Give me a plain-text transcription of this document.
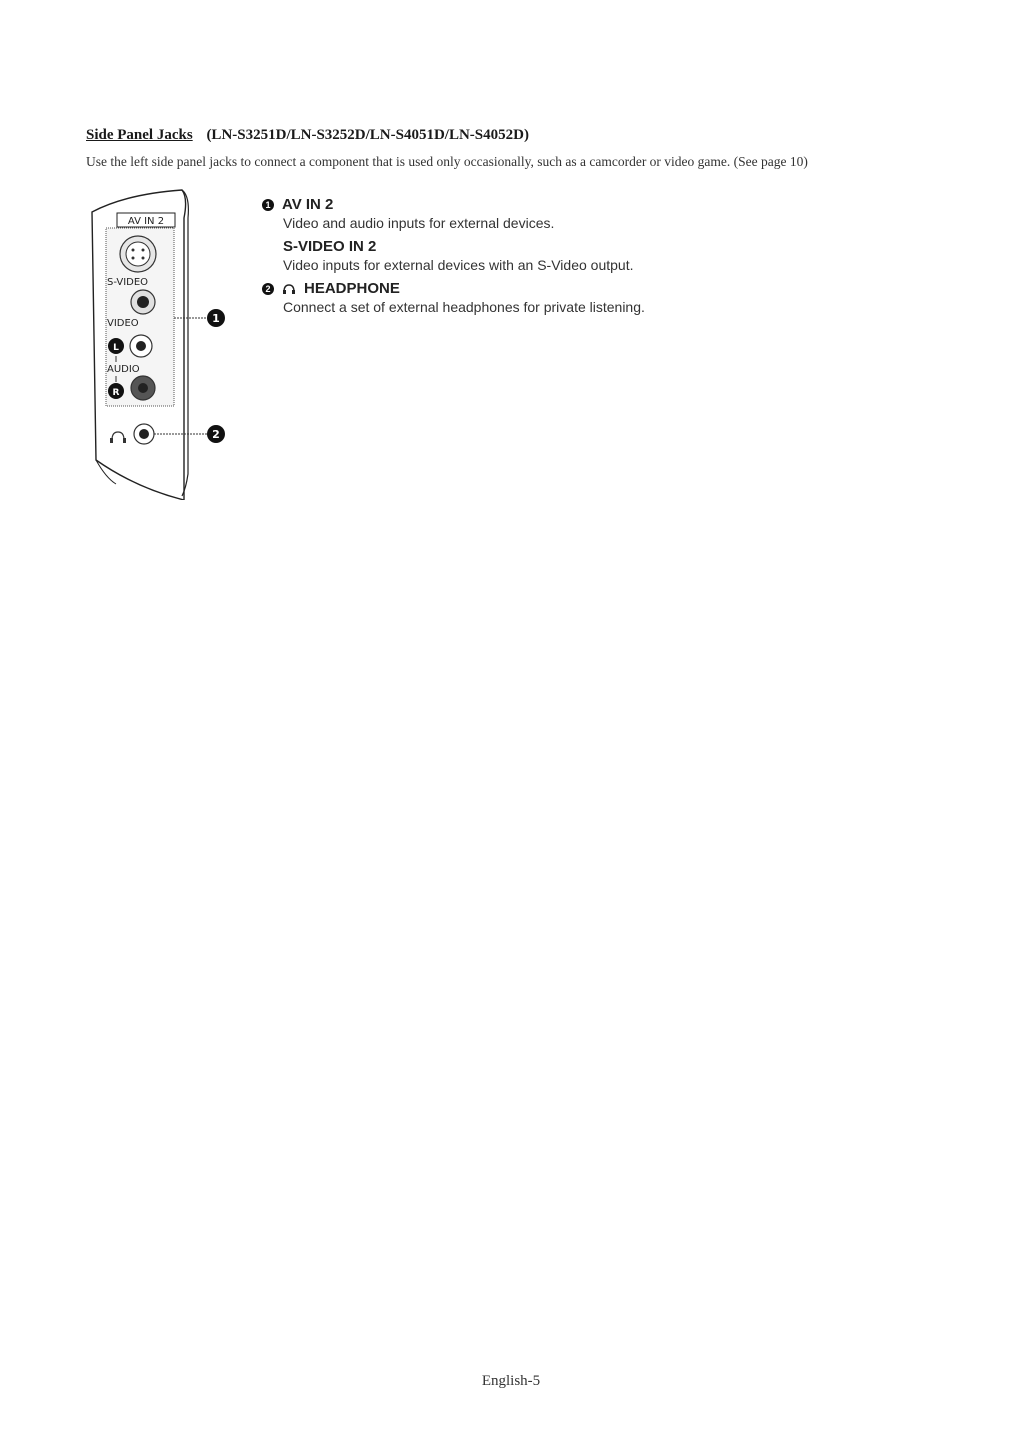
Side Panel Jacks (LN-S3251D/LN-S3252D/LN-S4051D/LN-S4052D)
Use the left side panel jacks to connect a component that is used only occasionally, such as a camcorder or video game. (See page 10)
AV IN 2
S-VIDEO
VIDEO
L
AUDIO
R
1
2
1 AV IN 2
Video and audio inputs for external devices.
S-VIDEO IN 2
Video inputs for external devices with an S-Video output.
2 HEADPHONE
Connect a set of external headphones for private listening.
English-5
